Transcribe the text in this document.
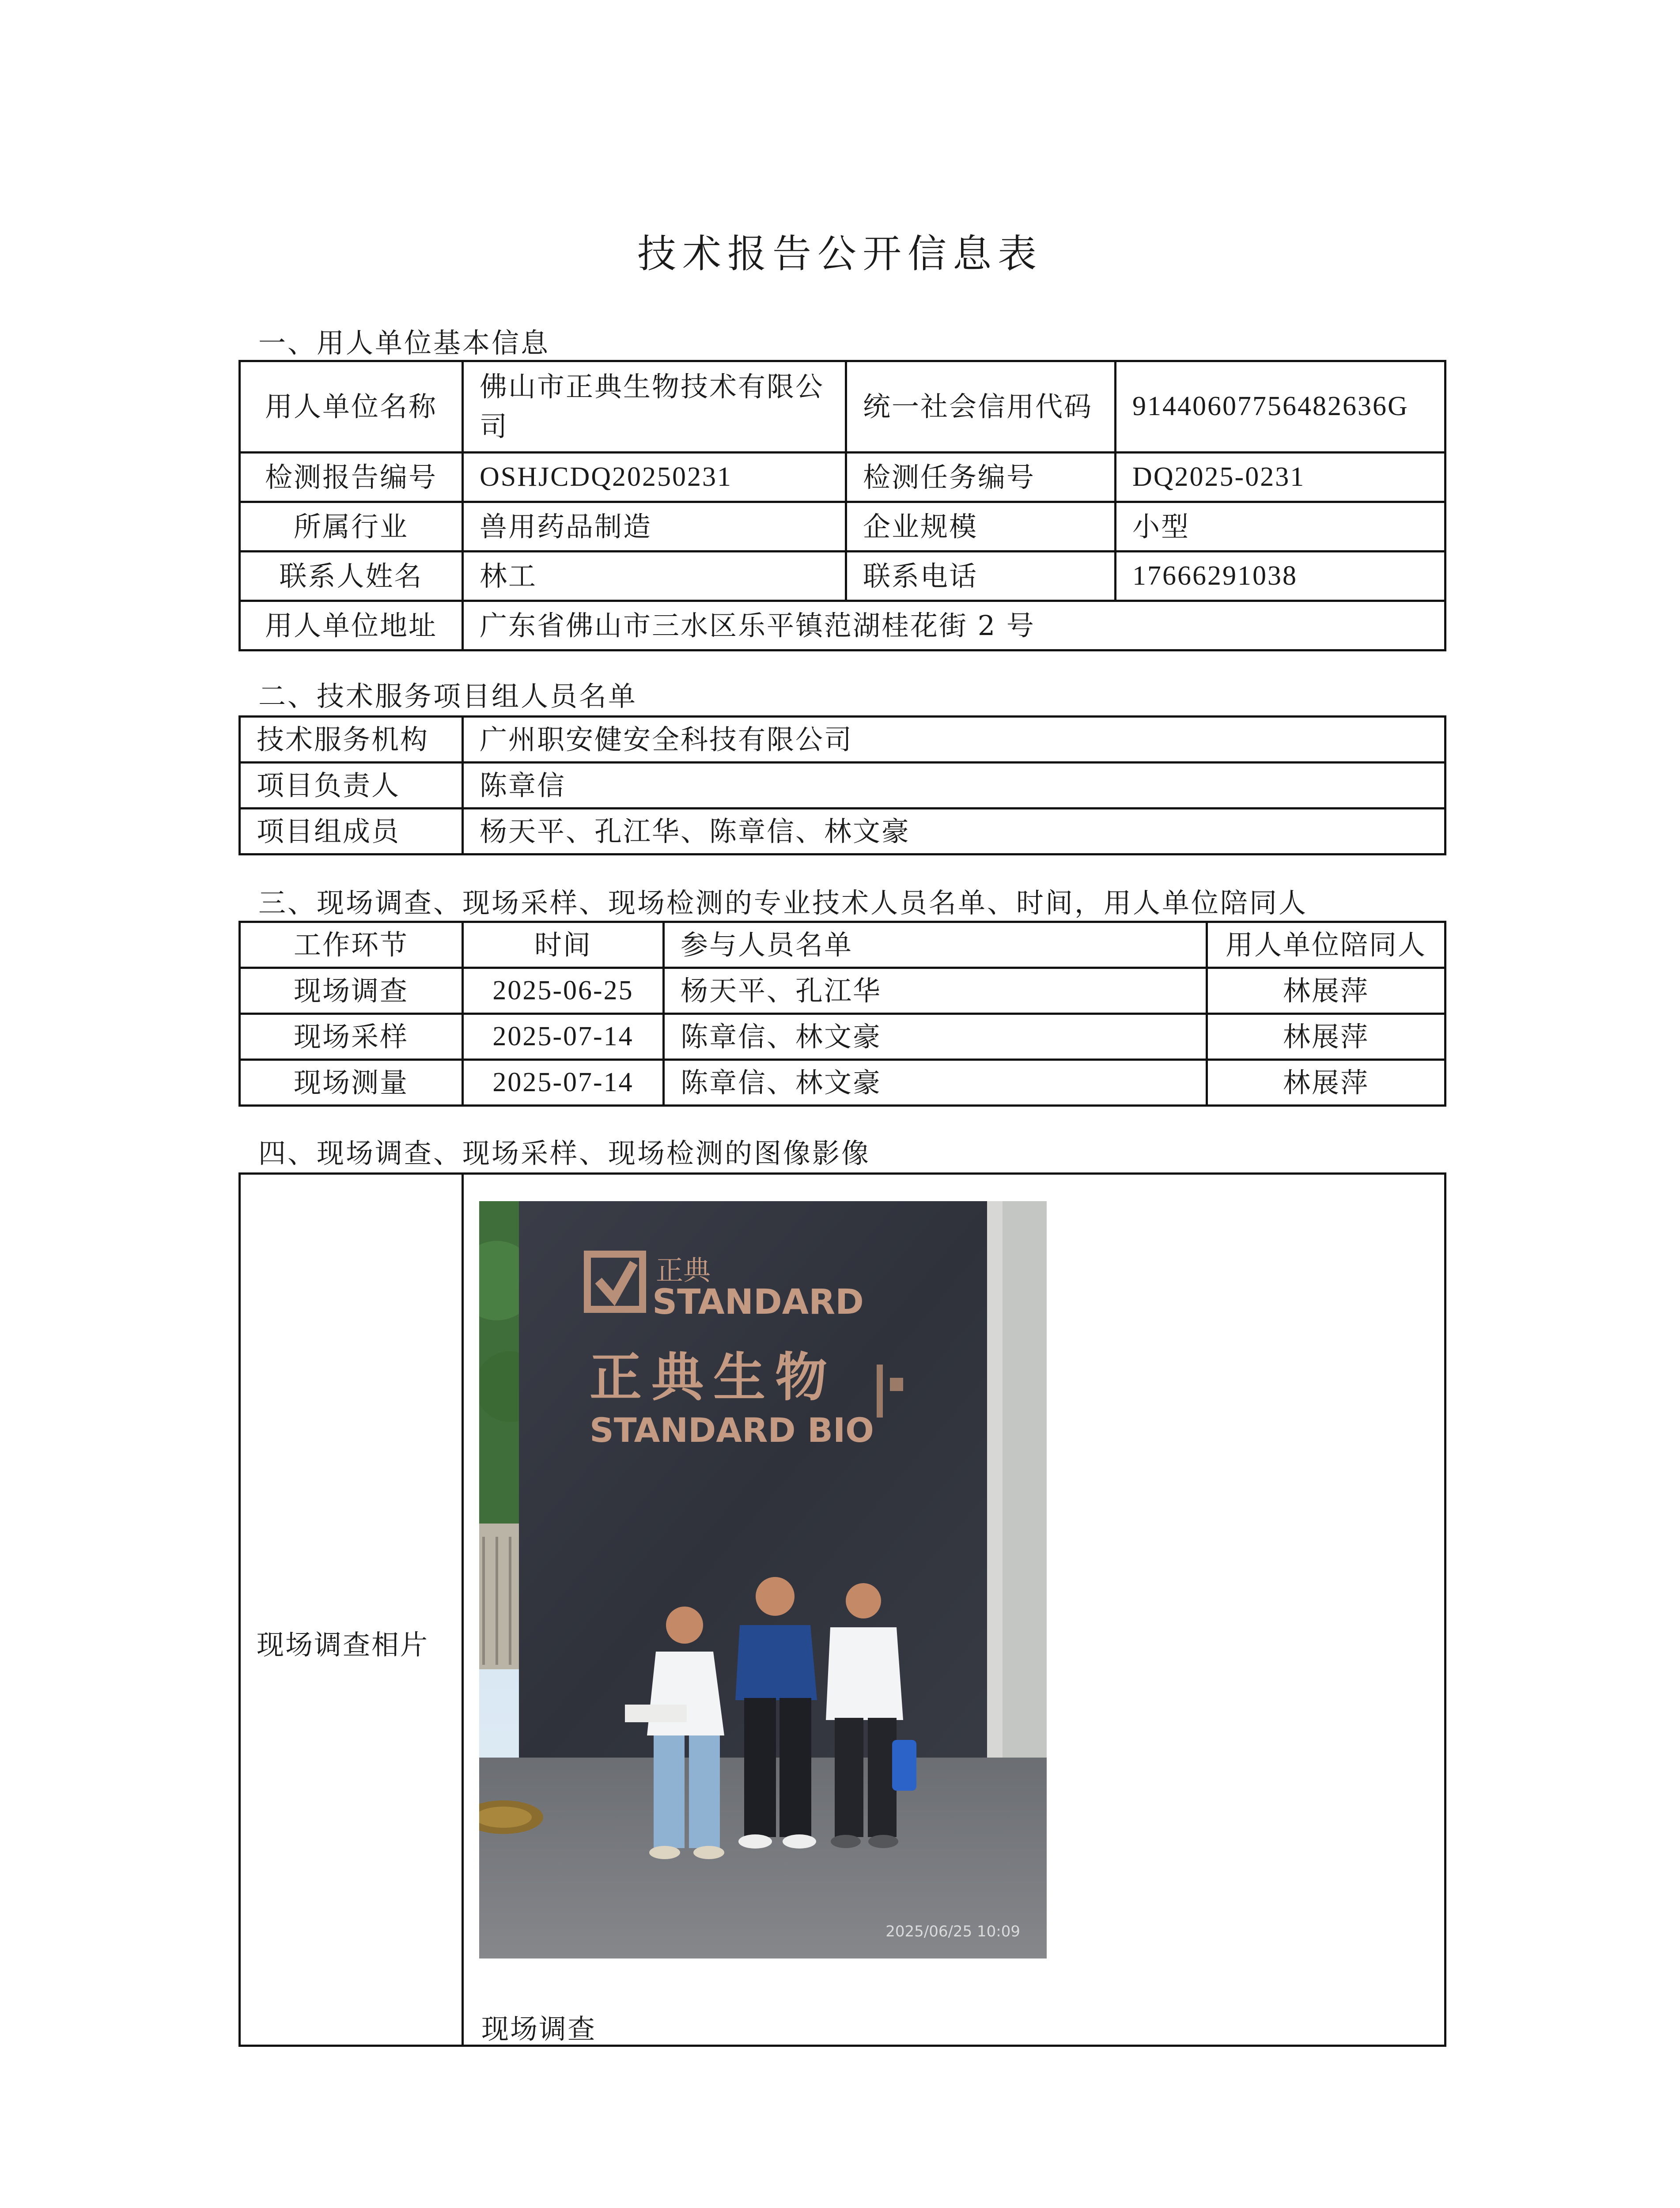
技术报告公开信息表
一、用人单位基本信息
用人单位名称	佛山市正典生物技术有限公司	统一社会信用代码	91440607756482636G
检测报告编号	OSHJCDQ20250231	检测任务编号	DQ2025-0231
所属行业	兽用药品制造	企业规模	小型
联系人姓名	林工	联系电话	17666291038
用人单位地址	广东省佛山市三水区乐平镇范湖桂花街 2 号		
二、技术服务项目组人员名单
技术服务机构	广州职安健安全科技有限公司
项目负责人	陈章信
项目组成员	杨天平、孔江华、陈章信、林文豪
三、现场调查、现场采样、现场检测的专业技术人员名单、时间，用人单位陪同人
工作环节	时间	参与人员名单	用人单位陪同人
现场调查	2025-06-25	杨天平、孔江华	林展萍
现场采样	2025-07-14	陈章信、林文豪	林展萍
现场测量	2025-07-14	陈章信、林文豪	林展萍
四、现场调查、现场采样、现场检测的图像影像
现场调查相片

正典
STANDARD
正典生物
STANDARD BIO
2025/06/25 10:09
现场调查
